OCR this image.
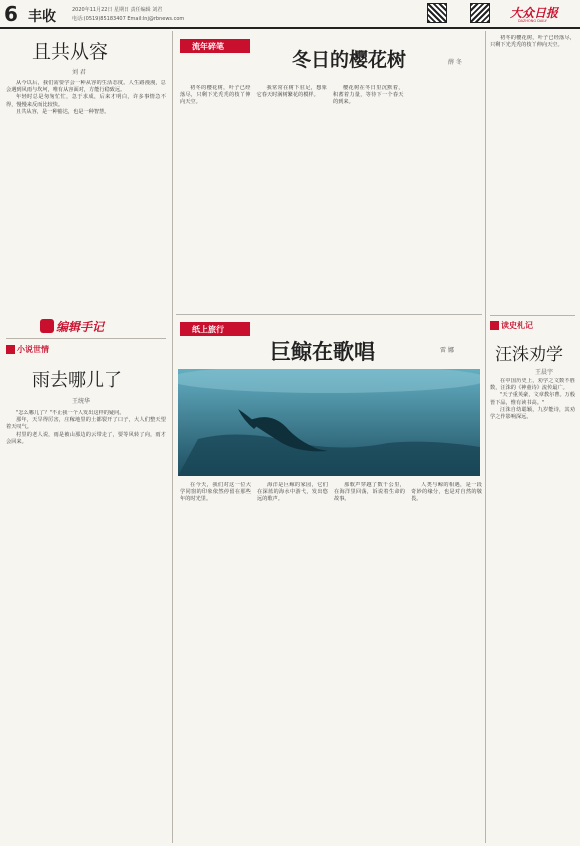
6 丰收	2020年11月22日 星期日 责任编辑 刘君
电话:(0519)85183407 Email:lnj@rbnews.com	大众日报
DAZHONG DAILY
且共从容
刘 君

从今以后，我们需要学会一种从容的生活态度。人生路漫漫，总会遇到风雨与坎坷，唯有从容面对，方能行稳致远。

年轻时总是匆匆忙忙，急于求成，后来才明白，许多事情急不得，慢慢来反而比较快。

且共从容，是一种豁达，也是一种智慧。

编辑手记
小说世情
雨去哪儿了
王统华

"怎么哪儿了？"不止我一个人发出这样的疑问。

那年，天旱得厉害，庄稼地里的土都裂开了口子，大人们整天望着天叹气。

村里的老人说，雨是被山那边的云带走了，要等风转了向，雨才会回来。

流年碎笔
冬日的樱花树	薛 冬

初冬的樱花树，叶子已经落尽，只剩下光秃秃的枝丫伸向天空。

我常常在树下驻足，想象它春天时满树繁花的模样。

樱花树在冬日里沉默着，积蓄着力量，等待下一个春天的到来。

初冬的樱花树，叶子已经落尽，只剩下光秃秃的枝丫伸向天空。

读史札记
汪洙劝学
王晨宇

在中国历史上，劝学之文数不胜数，汪洙的《神童诗》流传最广。

"天子重英豪，文章教尔曹。万般皆下品，惟有读书高。"

汪洙自幼聪颖，九岁能诗，其劝学之作影响深远。

纸上旅行
巨鲸在歌唱	雷 娜

在今天，我们对这一位大学同窗的印象依然停留在那些年的时光里。

海洋是巨鲸的家园，它们在深蓝的海水中游弋，发出悠远的歌声。

那歌声穿越了数千公里，在海洋里回荡，诉说着生命的故事。

人类与鲸的相遇，是一段奇妙的缘分，也是对自然的敬畏。
